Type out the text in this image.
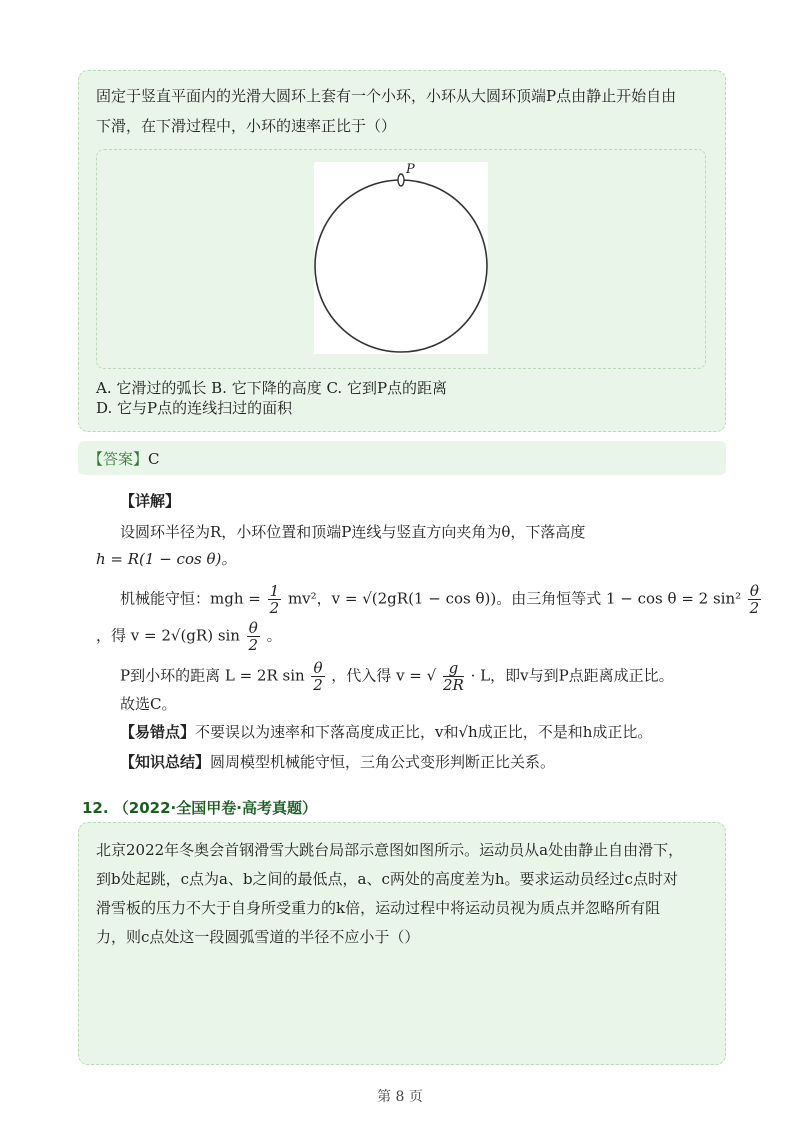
固定于竖直平面内的光滑大圆环上套有一个小环，小环从大圆环顶端P点由静止开始自由
下滑，在下滑过程中，小环的速率正比于（）
P
A. 它滑过的弧长 B. 它下降的高度 C. 它到P点的距离
D. 它与P点的连线扫过的面积
【答案】C
【详解】
设圆环半径为R，小环位置和顶端P连线与竖直方向夹角为θ，下落高度
h = R(1 − cos θ)。
机械能守恒：mgh = $\frac{1}{2} mv^2$，v = √(2gR(1 − cos θ))。由三角恒等式 1 − cos θ = 2 $\sin^2 \frac{\theta}{2}$
，得 v = 2√(gR) $\sin \frac{\theta}{2}$ 。
P到小环的距离 L = 2R $\sin \frac{\theta}{2}$ ，代入得 v = √ $\frac{g}{2R} \cdot L$，即v与到P点距离成正比。
故选C。
【易错点】不要误以为速率和下落高度成正比，v和√h成正比，不是和h成正比。
【知识总结】圆周模型机械能守恒，三角公式变形判断正比关系。
12. （2022·全国甲卷·高考真题）
北京2022年冬奥会首钢滑雪大跳台局部示意图如图所示。运动员从a处由静止自由滑下，
到b处起跳，c点为a、b之间的最低点，a、c两处的高度差为h。要求运动员经过c点时对
滑雪板的压力不大于自身所受重力的k倍，运动过程中将运动员视为质点并忽略所有阻
力，则c点处这一段圆弧雪道的半径不应小于（）
第 8 页
